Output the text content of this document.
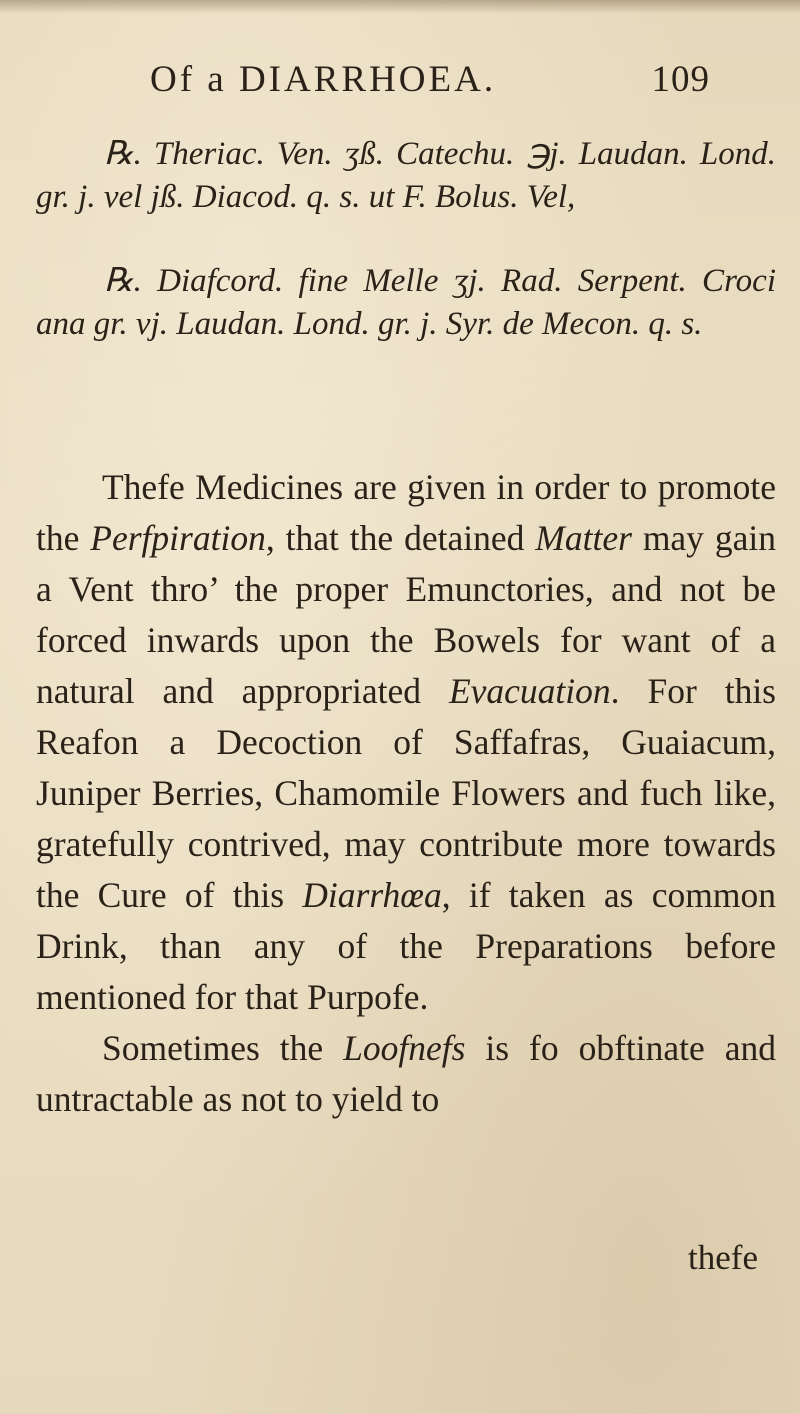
Of a DIARRHOEA.	109
℞. Theriac. Ven. ʒß. Catechu. ℈j. Laudan. Lond. gr. j. vel jß. Diacod. q. s. ut F. Bolus. Vel,
℞. Diafcord. fine Melle ʒj. Rad. Serpent. Croci ana gr. vj. Laudan. Lond. gr. j. Syr. de Mecon. q. s.

Thefe Medicines are given in order to promote the Perfpiration, that the detained Matter may gain a Vent thro’ the proper Emunctories, and not be forced inwards upon the Bowels for want of a natural and appropriated Evacuation. For this Reafon a Decoction of Saffafras, Guaiacum, Juniper Berries, Chamomile Flowers and fuch like, gratefully contrived, may contribute more towards the Cure of this Diarrhœa, if taken as common Drink, than any of the Preparations before mentioned for that Purpofe.

Sometimes the Loofnefs is fo obftinate and untractable as not to yield to

thefe
